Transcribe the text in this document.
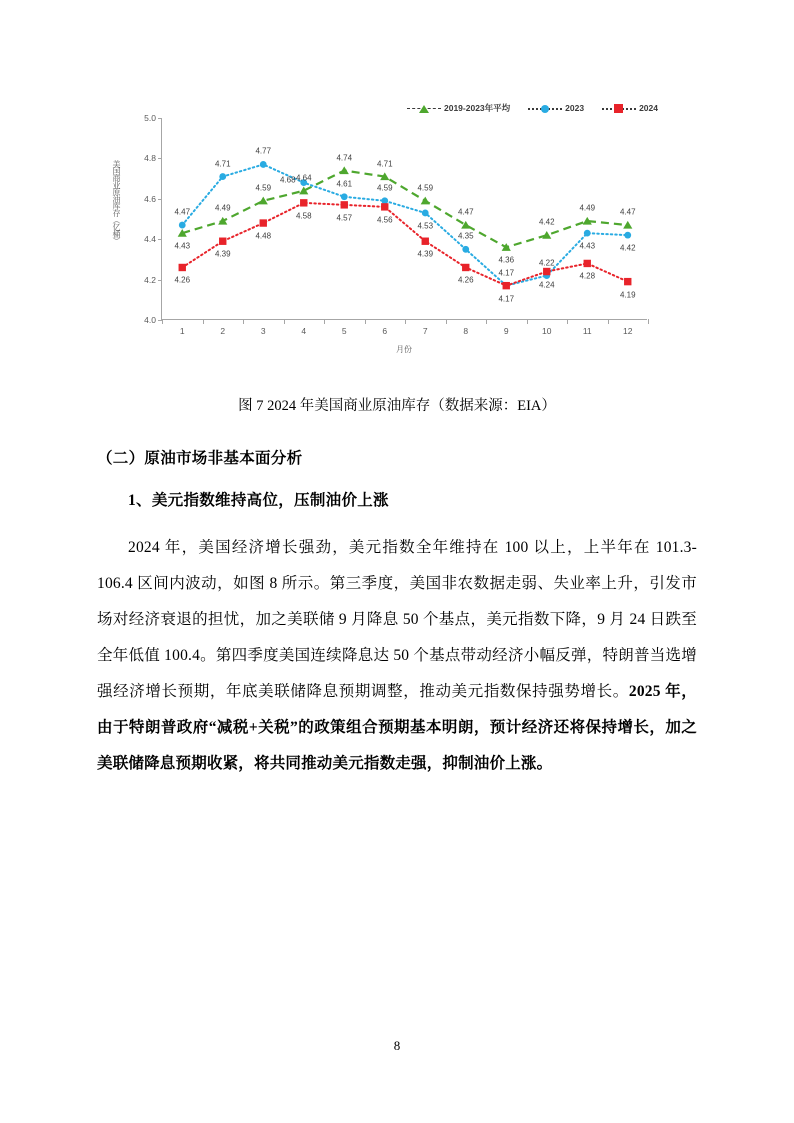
2019-2023年平均	2023	2024
美国商业原油库存（亿桶）
5.0
4.8
4.6
4.4
4.2
4.0
1	2	3	4	5	6	7	8	9	10	11	12
4.43
4.49
4.59
4.64
4.74
4.71
4.59
4.47
4.36
4.42
4.49	4.47
4.47
4.71
4.77
4.68	4.61	4.59
4.53
4.35
4.17
4.22
4.43	4.42
4.26
4.39
4.48
4.58	4.57	4.56
4.39
4.26
4.17
4.24
4.28
4.19
月份
图 7 2024 年美国商业原油库存（数据来源：EIA）
（二）原油市场非基本面分析
1、美元指数维持高位，压制油价上涨

2024 年，美国经济增长强劲，美元指数全年维持在 100 以上，上半年在 101.3-106.4 区间内波动，如图 8 所示。第三季度，美国非农数据走弱、失业率上升，引发市场对经济衰退的担忧，加之美联储 9 月降息 50 个基点，美元指数下降，9 月 24 日跌至全年低值 100.4。第四季度美国连续降息达 50 个基点带动经济小幅反弹，特朗普当选增强经济增长预期，年底美联储降息预期调整，推动美元指数保持强势增长。2025 年，由于特朗普政府“减税+关税”的政策组合预期基本明朗，预计经济还将保持增长，加之美联储降息预期收紧，将共同推动美元指数走强，抑制油价上涨。

8
